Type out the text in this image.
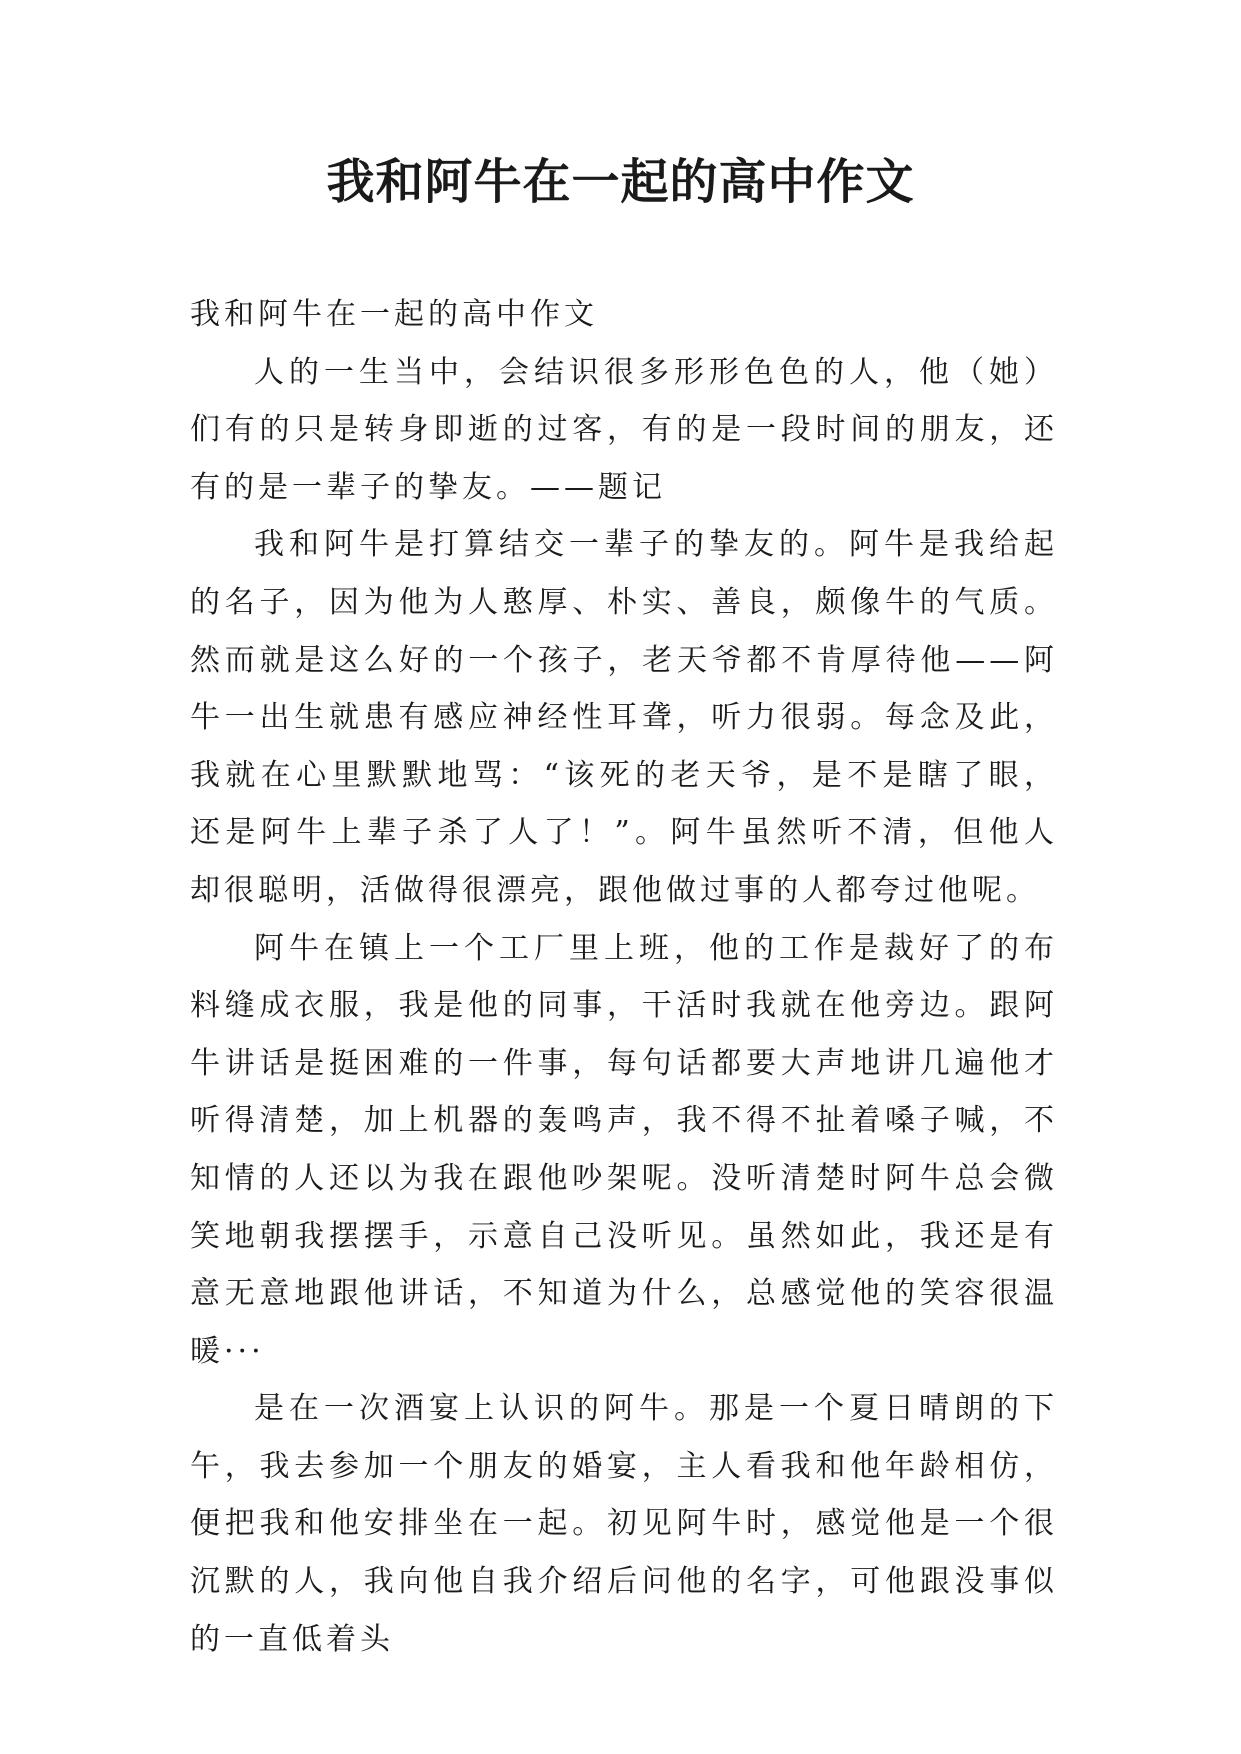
我和阿牛在一起的高中作文

我和阿牛在一起的高中作文

人的一生当中，会结识很多形形色色的人，他（她）们有的只是转身即逝的过客，有的是一段时间的朋友，还有的是一辈子的挚友。——题记

我和阿牛是打算结交一辈子的挚友的。阿牛是我给起的名子，因为他为人憨厚、朴实、善良，颇像牛的气质。然而就是这么好的一个孩子，老天爷都不肯厚待他——阿牛一出生就患有感应神经性耳聋，听力很弱。每念及此，我就在心里默默地骂：“该死的老天爷，是不是瞎了眼，还是阿牛上辈子杀了人了！”。阿牛虽然听不清，但他人却很聪明，活做得很漂亮，跟他做过事的人都夸过他呢。

阿牛在镇上一个工厂里上班，他的工作是裁好了的布料缝成衣服，我是他的同事，干活时我就在他旁边。跟阿牛讲话是挺困难的一件事，每句话都要大声地讲几遍他才听得清楚，加上机器的轰鸣声，我不得不扯着嗓子喊，不知情的人还以为我在跟他吵架呢。没听清楚时阿牛总会微笑地朝我摆摆手，示意自己没听见。虽然如此，我还是有意无意地跟他讲话，不知道为什么，总感觉他的笑容很温暖···

是在一次酒宴上认识的阿牛。那是一个夏日晴朗的下午，我去参加一个朋友的婚宴，主人看我和他年龄相仿，便把我和他安排坐在一起。初见阿牛时，感觉他是一个很沉默的人，我向他自我介绍后问他的名字，可他跟没事似的一直低着头
